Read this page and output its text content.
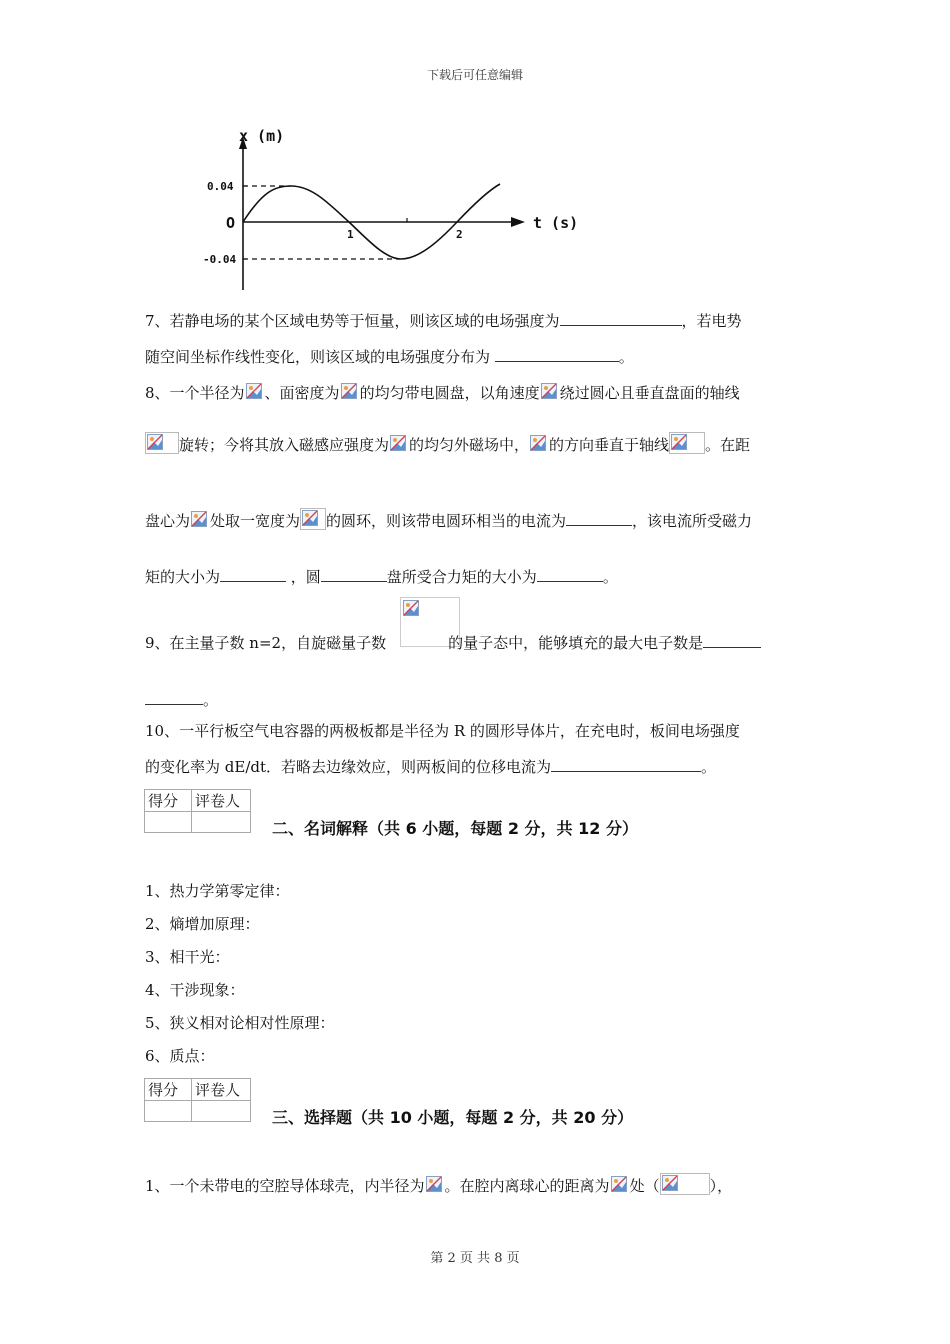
下载后可任意编辑
x (m)
t (s)
O
0.04
-0.04
1	2
7、若静电场的某个区域电势等于恒量，则该区域的电场强度为	，若电势
随空间坐标作线性变化，则该区域的电场强度分布为	。
8、一个半径为 、面密度为 的均匀带电圆盘，以角速度 绕过圆心且垂直盘面的轴线
旋转；今将其放入磁感应强度为 的均匀外磁场中， 的方向垂直于轴线 。在距
盘心为 处取一宽度为 的圆环，则该带电圆环相当的电流为	，该电流所受磁力
矩的大小为	，圆	盘所受合力矩的大小为	。
9、在主量子数 n=2，自旋磁量子数	的量子态中，能够填充的最大电子数是
。
10、一平行板空气电容器的两极板都是半径为 R 的圆形导体片，在充电时，板间电场强度
的变化率为 dE/dt．若略去边缘效应，则两板间的位移电流为	。
得分	评卷人

二、名词解释（共 6 小题，每题 2 分，共 12 分）
1、热力学第零定律：
2、熵增加原理：
3、相干光：
4、干涉现象：
5、狭义相对论相对性原理：
6、质点：
得分	评卷人

三、选择题（共 10 小题，每题 2 分，共 20 分）
1、一个未带电的空腔导体球壳，内半径为 。在腔内离球心的距离为 处（	），
第 2 页 共 8 页
